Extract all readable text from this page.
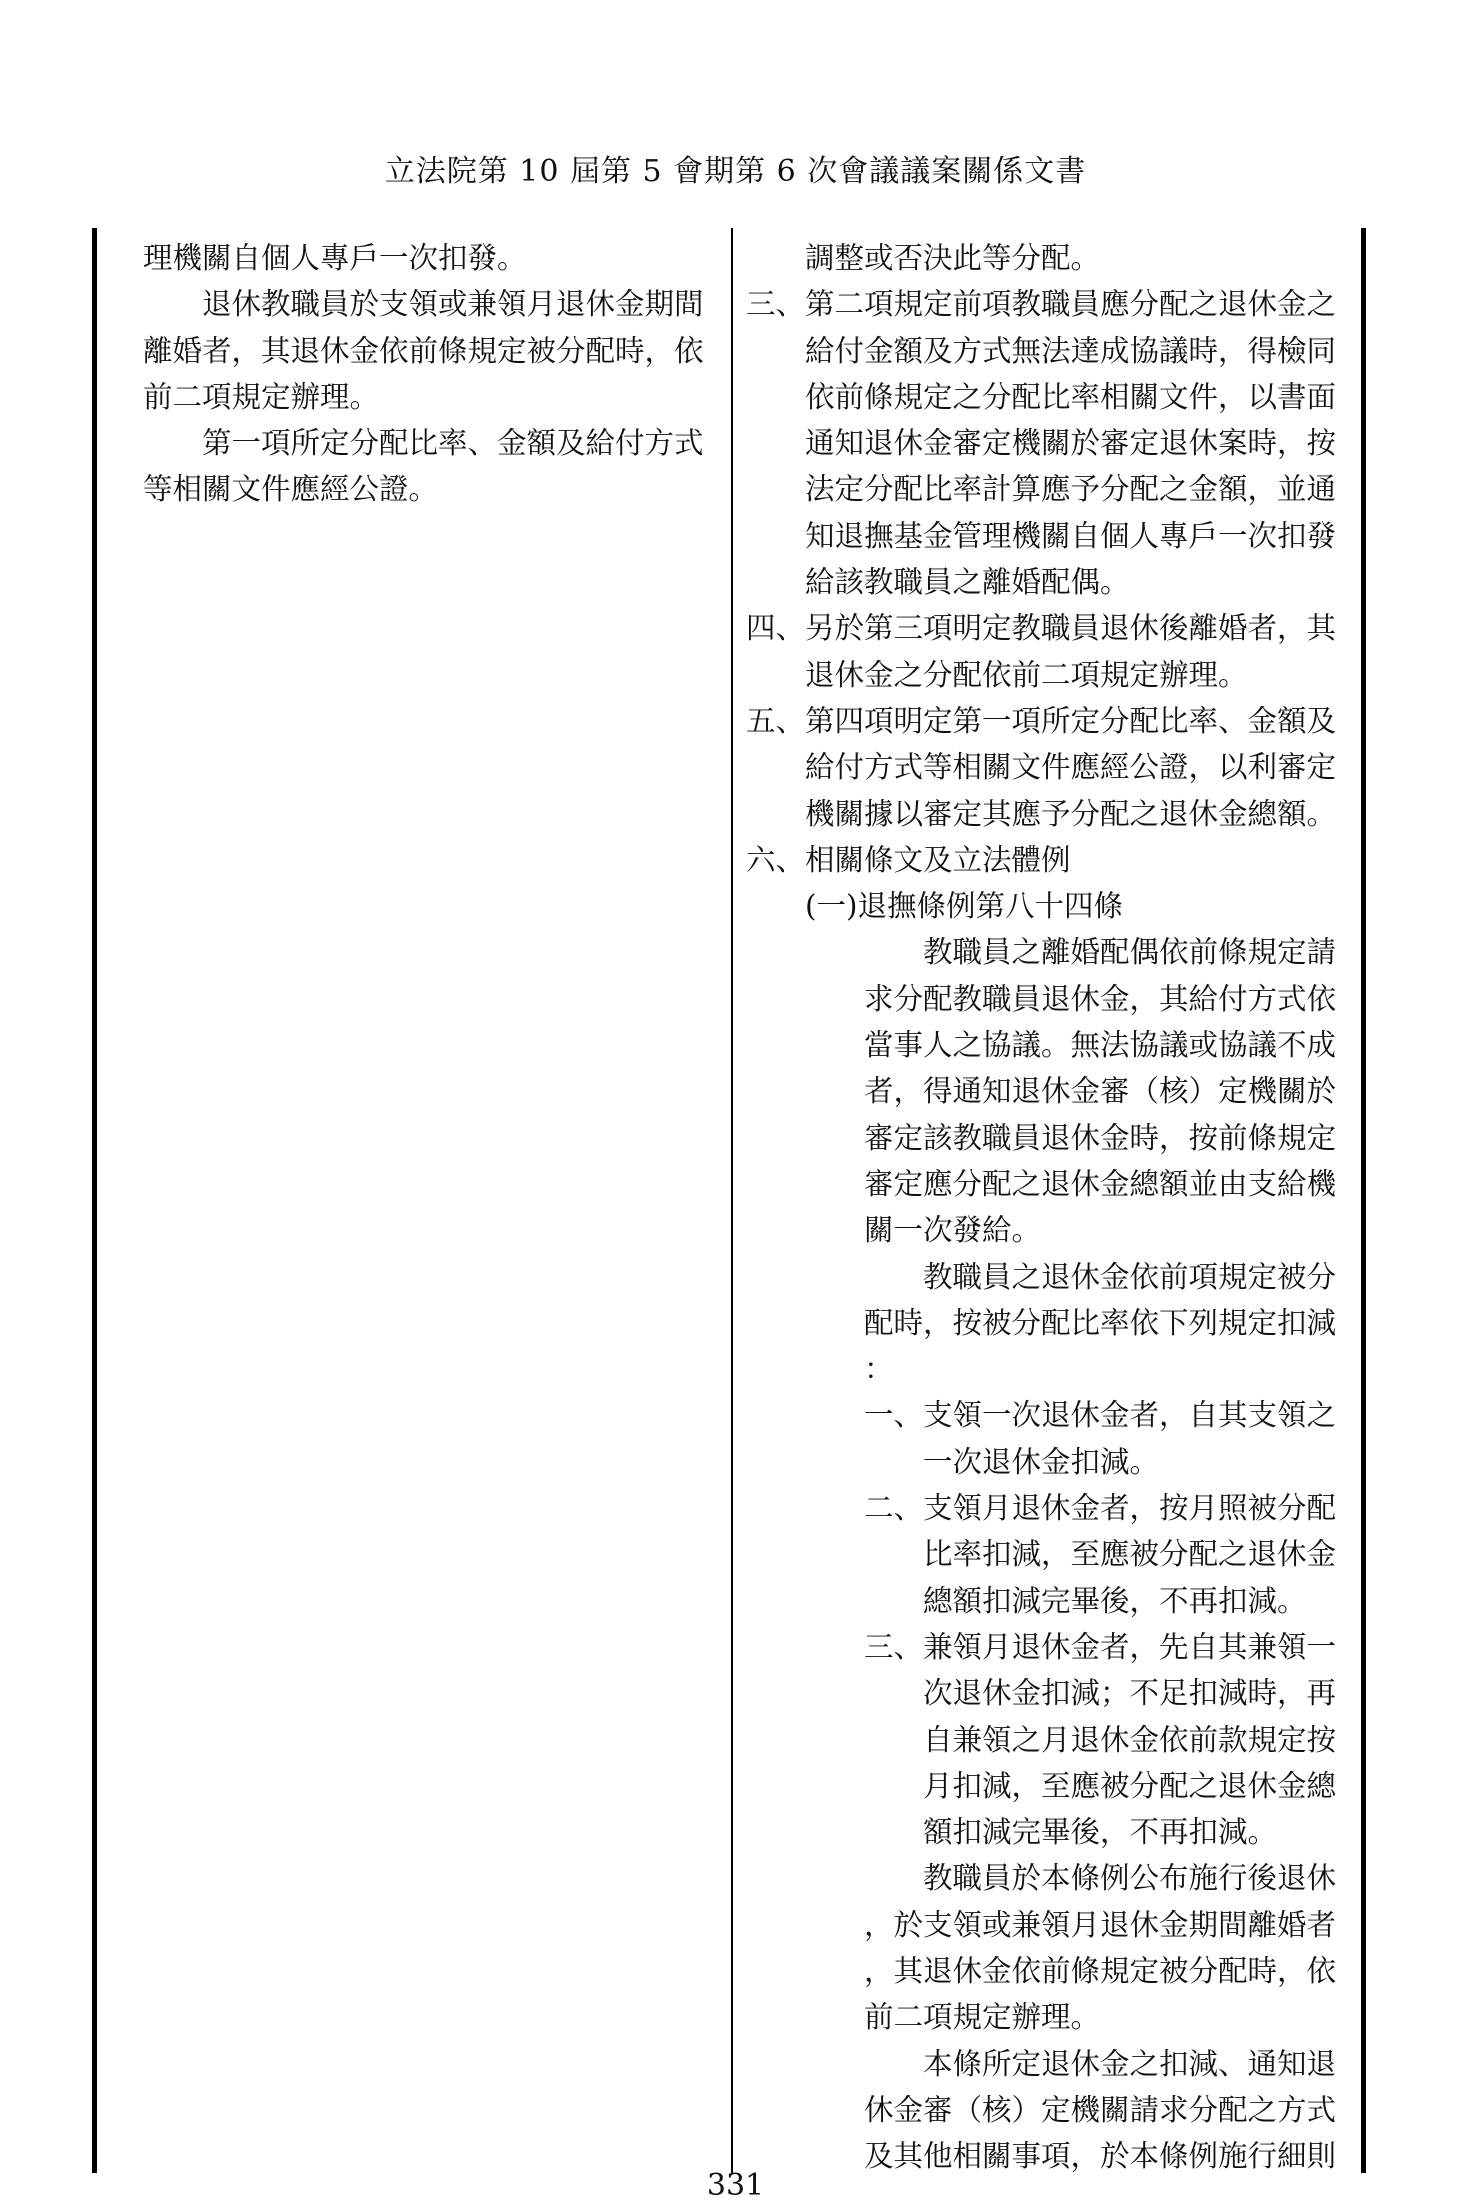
立法院第 10 屆第 5 會期第 6 次會議議案關係文書
理機關自個人專戶一次扣發。
退休教職員於支領或兼領月退休金期間
離婚者，其退休金依前條規定被分配時，依
前二項規定辦理。
第一項所定分配比率、金額及給付方式
等相關文件應經公證。
調整或否決此等分配。
三、第二項規定前項教職員應分配之退休金之
給付金額及方式無法達成協議時，得檢同
依前條規定之分配比率相關文件，以書面
通知退休金審定機關於審定退休案時，按
法定分配比率計算應予分配之金額，並通
知退撫基金管理機關自個人專戶一次扣發
給該教職員之離婚配偶。
四、另於第三項明定教職員退休後離婚者，其
退休金之分配依前二項規定辦理。
五、第四項明定第一項所定分配比率、金額及
給付方式等相關文件應經公證，以利審定
機關據以審定其應予分配之退休金總額。
六、相關條文及立法體例
(一)退撫條例第八十四條
教職員之離婚配偶依前條規定請
求分配教職員退休金，其給付方式依
當事人之協議。無法協議或協議不成
者，得通知退休金審（核）定機關於
審定該教職員退休金時，按前條規定
審定應分配之退休金總額並由支給機
關一次發給。
教職員之退休金依前項規定被分
配時，按被分配比率依下列規定扣減
：
一、支領一次退休金者，自其支領之
一次退休金扣減。
二、支領月退休金者，按月照被分配
比率扣減，至應被分配之退休金
總額扣減完畢後，不再扣減。
三、兼領月退休金者，先自其兼領一
次退休金扣減；不足扣減時，再
自兼領之月退休金依前款規定按
月扣減，至應被分配之退休金總
額扣減完畢後，不再扣減。
教職員於本條例公布施行後退休
，於支領或兼領月退休金期間離婚者
，其退休金依前條規定被分配時，依
前二項規定辦理。
本條所定退休金之扣減、通知退
休金審（核）定機關請求分配之方式
及其他相關事項，於本條例施行細則
331
